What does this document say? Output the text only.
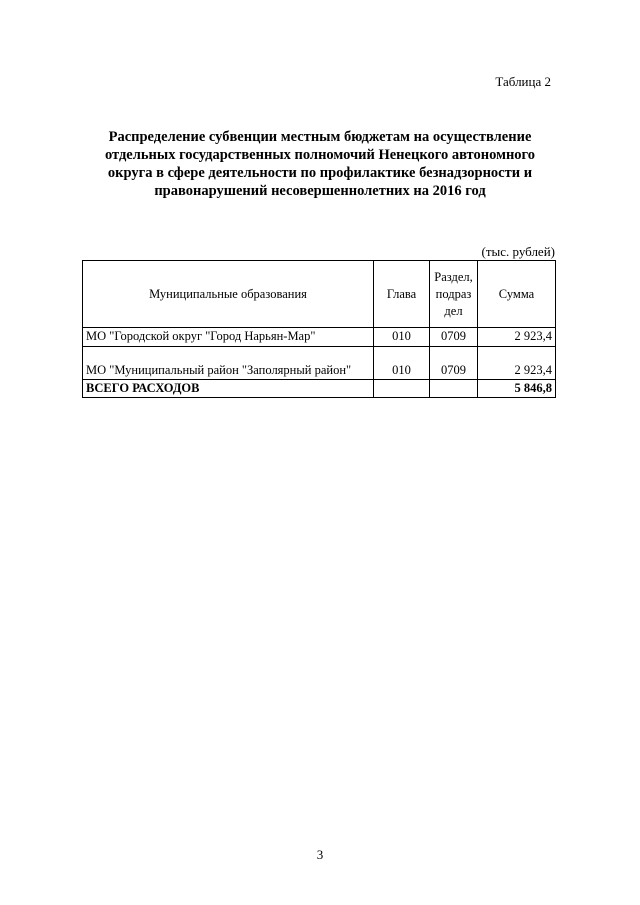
Таблица 2
Распределение субвенции местным бюджетам на осуществление
отдельных государственных полномочий Ненецкого автономного
округа в сфере деятельности по профилактике безнадзорности и
правонарушений несовершеннолетних на 2016 год
(тыс. рублей)
Муниципальные образования	Глава	Раздел,
подраз
дел	Сумма
МО "Городской округ "Город Нарьян-Мар"	010	0709	2 923,4
МО "Муниципальный район "Заполярный район"	010	0709	2 923,4
ВСЕГО РАСХОДОВ			5 846,8
3
